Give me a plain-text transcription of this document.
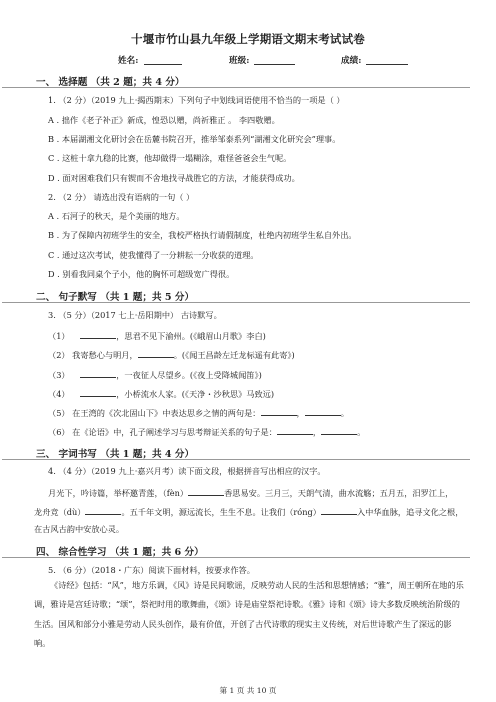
十堰市竹山县九年级上学期语文期末考试试卷
姓名:	班级:	成绩:
一、 选择题 （共 2 题；共 4 分）
1. （2 分）（2019 九上·揭西期末）下列句子中划线词语使用不恰当的一项是（ ）
A . 拙作《老子补正》新成，惶恐以赠，尚祈雅正 。 李四敬赠。
B . 本届湖湘文化研讨会在岳麓书院召开，推举邹泰系列“湖湘文化研究会”理事。
C . 这桩十拿九稳的比赛，他却做得一塌糊涂，难怪爸爸会生气呢。
D . 面对困难我们只有锲而不舍地找寻战胜它的方法，才能获得成功。
2. （2 分） 请选出没有语病的一句（ ）
A . 石河子的秋天，是个美丽的地方。
B . 为了保障内初班学生的安全，我校严格执行请假制度，杜绝内初班学生私自外出。
C . 通过这次考试，使我懂得了一分耕耘一分收获的道理。
D . 别看我同桌个子小，他的胸怀可超级宽广得很。
二、 句子默写 （共 1 题；共 5 分）
3. （5 分）（2017 七上·岳阳期中） 古诗默写。
（1）	，思君不见下渝州。(《峨眉山月歌》李白)
（2） 我寄愁心与明月，	。(《闻王昌龄左迁龙标遥有此寄》)
（3）	，一夜征人尽望乡。(《夜上受降城闻笛》)
（4）	，小桥流水人家。(《天净・沙秋思》马致远)
（5） 在王湾的《次北固山下》中表达思乡之情的两句是：	，	。
（6） 在《论语》中，孔子阐述学习与思考辩证关系的句子是：	，	。
三、 字词书写 （共 1 题；共 4 分）
4. （4 分）（2019 九上·嘉兴月考）读下面文段，根据拼音写出相应的汉字。
月光下，吟诗篇，举杯邀青莲，（fèn）	香思易安。三月三，天朗气清，曲水流觞；五月五，汨罗江上，
龙舟竞（dù）	。五千年文明，源远流长，生生不息。让我们（róng）	入中华血脉，追寻文化之根，
在古风古韵中安放心灵。
四、 综合性学习 （共 1 题；共 6 分）
5. （6 分）（2018・广东）阅读下面材料，按要求作答。
《诗经》包括：“风”，地方乐调，《风》诗是民间歌谣，反映劳动人民的生活和思想情感；“雅”，周王朝所在地的乐调，雅诗是宫廷诗歌；“颂”，祭祀时用的歌舞曲，《颂》诗是庙堂祭祀诗歌。《雅》诗和《颂》诗大多数反映统治阶级的生活。国风和部分小雅是劳动人民头创作，最有价值，开创了古代诗歌的现实主义传统，对后世诗歌产生了深远的影响。
第 1 页 共 10 页
